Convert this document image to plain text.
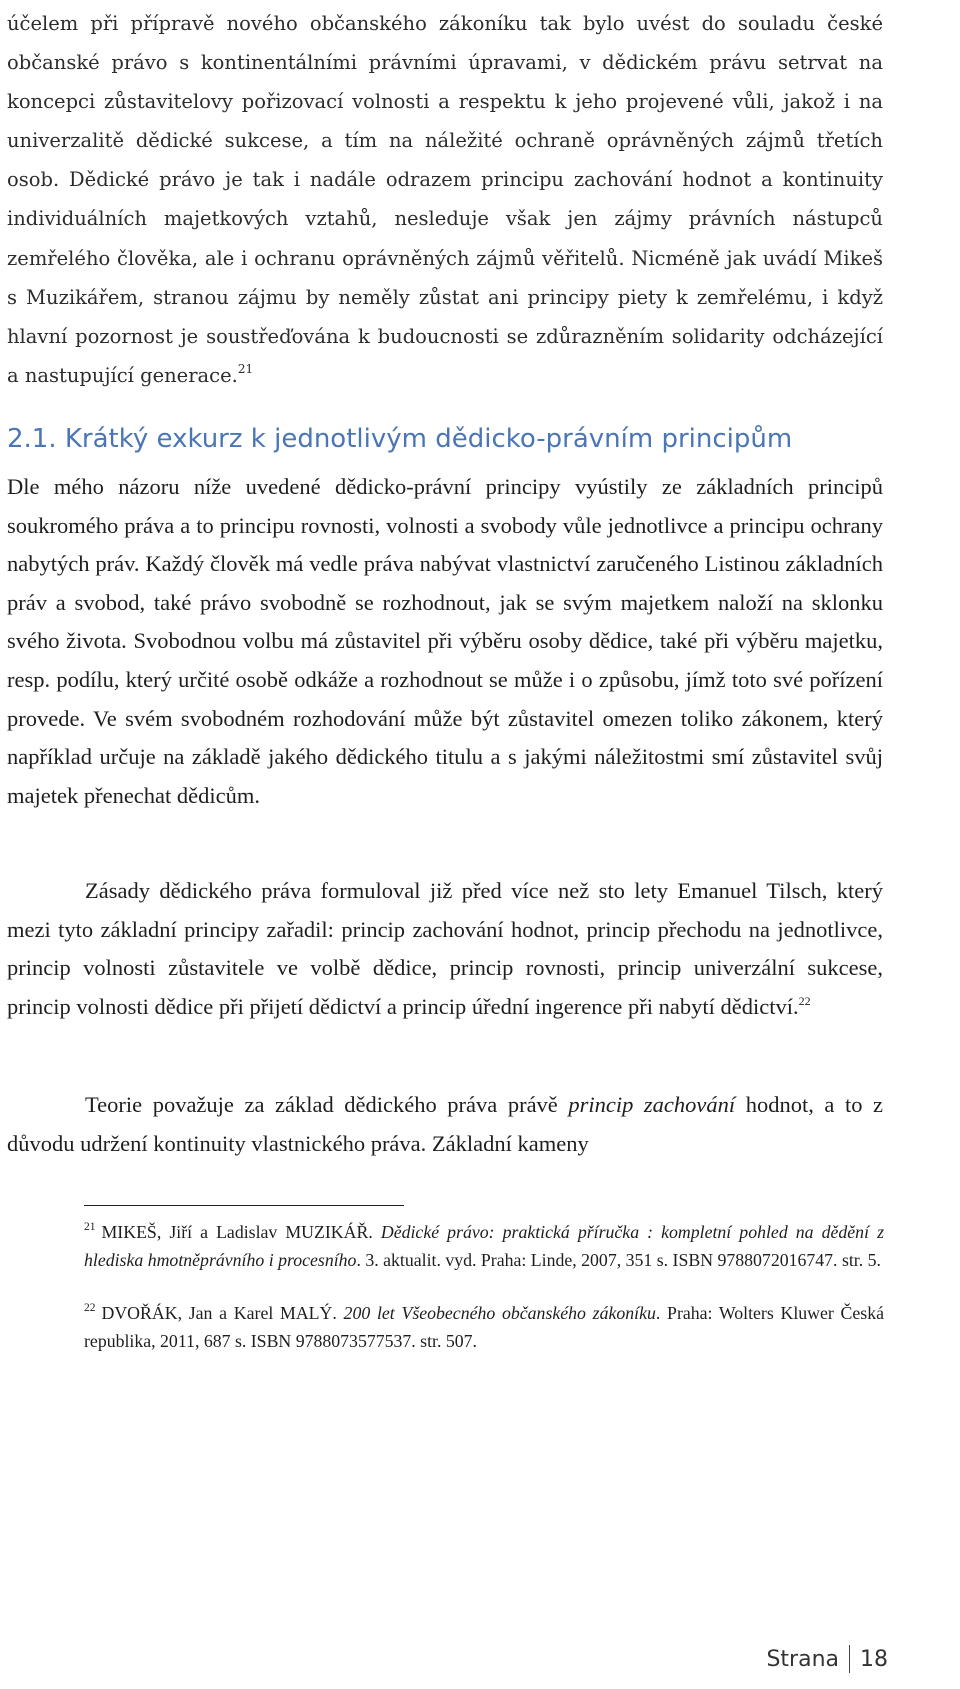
účelem při přípravě nového občanského zákoníku tak bylo uvést do souladu české občanské právo s kontinentálními právními úpravami, v dědickém právu setrvat na koncepci zůstavitelovy pořizovací volnosti a respektu k jeho projevené vůli, jakož i na univerzalitě dědické sukcese, a tím na náležité ochraně oprávněných zájmů třetích osob. Dědické právo je tak i nadále odrazem principu zachování hodnot a kontinuity individuálních majetkových vztahů, nesleduje však jen zájmy právních nástupců zemřelého člověka, ale i ochranu oprávněných zájmů věřitelů. Nicméně jak uvádí Mikeš s Muzikářem, stranou zájmu by neměly zůstat ani principy piety k zemřelému, i když hlavní pozornost je soustřeďována k budoucnosti se zdůrazněním solidarity odcházející a nastupující generace.$^{21}$

2.1. Krátký exkurz k jednotlivým dědicko-právním principům

Dle mého názoru níže uvedené dědicko-právní principy vyústily ze základních principů soukromého práva a to principu rovnosti, volnosti a svobody vůle jednotlivce a principu ochrany nabytých práv. Každý člověk má vedle práva nabývat vlastnictví zaručeného Listinou základních práv a svobod, také právo svobodně se rozhodnout, jak se svým majetkem naloží na sklonku svého života. Svobodnou volbu má zůstavitel při výběru osoby dědice, také při výběru majetku, resp. podílu, který určité osobě odkáže a rozhodnout se může i o způsobu, jímž toto své pořízení provede. Ve svém svobodném rozhodování může být zůstavitel omezen toliko zákonem, který například určuje na základě jakého dědického titulu a s jakými náležitostmi smí zůstavitel svůj majetek přenechat dědicům.

Zásady dědického práva formuloval již před více než sto lety Emanuel Tilsch, který mezi tyto základní principy zařadil: princip zachování hodnot, princip přechodu na jednotlivce, princip volnosti zůstavitele ve volbě dědice, princip rovnosti, princip univerzální sukcese, princip volnosti dědice při přijetí dědictví a princip úřední ingerence při nabytí dědictví.$^{22}$

Teorie považuje za základ dědického práva právě princip zachování hodnot, a to z důvodu udržení kontinuity vlastnického práva. Základní kameny

$^{21}$ MIKEŠ, Jiří a Ladislav MUZIKÁŘ. Dědické právo: praktická příručka : kompletní pohled na dědění z hlediska hmotněprávního i procesního. 3. aktualit. vyd. Praha: Linde, 2007, 351 s. ISBN 9788072016747. str. 5.

$^{22}$ DVOŘÁK, Jan a Karel MALÝ. 200 let Všeobecného občanského zákoníku. Praha: Wolters Kluwer Česká republika, 2011, 687 s. ISBN 9788073577537. str. 507.

Strana 18
